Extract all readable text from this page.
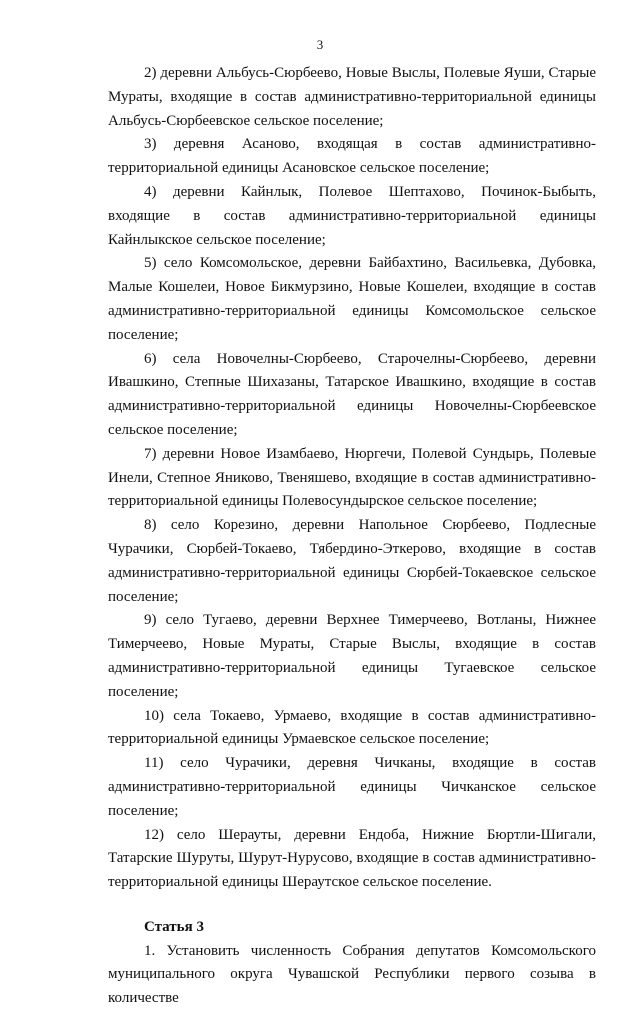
3

2) деревни Альбусь-Сюрбеево, Новые Выслы, Полевые Яуши, Старые Мураты, входящие в состав административно-территориальной единицы Альбусь-Сюрбеевское сельское поселение;

3) деревня Асаново, входящая в состав административно-территориальной единицы Асановское сельское поселение;

4) деревни Кайнлык, Полевое Шептахово, Починок-Быбыть, входящие в состав административно-территориальной единицы Кайнлыкское сельское поселение;

5) село Комсомольское, деревни Байбахтино, Васильевка, Дубовка, Малые Кошелеи, Новое Бикмурзино, Новые Кошелеи, входящие в состав административно-территориальной единицы Комсомольское сельское поселение;

6) села Новочелны-Сюрбеево, Старочелны-Сюрбеево, деревни Ивашкино, Степные Шихазаны, Татарское Ивашкино, входящие в состав административно-территориальной единицы Новочелны-Сюрбеевское сельское поселение;

7) деревни Новое Изамбаево, Нюргечи, Полевой Сундырь, Полевые Инели, Степное Яниково, Твеняшево, входящие в состав административно-территориальной единицы Полевосундырское сельское поселение;

8) село Корезино, деревни Напольное Сюрбеево, Подлесные Чурачики, Сюрбей-Токаево, Тябердино-Эткерово, входящие в состав административно-территориальной единицы Сюрбей-Токаевское сельское поселение;

9) село Тугаево, деревни Верхнее Тимерчеево, Вотланы, Нижнее Тимерчеево, Новые Мураты, Старые Выслы, входящие в состав административно-территориальной единицы Тугаевское сельское поселение;

10) села Токаево, Урмаево, входящие в состав административно-территориальной единицы Урмаевское сельское поселение;

11) село Чурачики, деревня Чичканы, входящие в состав административно-территориальной единицы Чичканское сельское поселение;

12) село Шерауты, деревни Ендоба, Нижние Бюртли-Шигали, Татарские Шуруты, Шурут-Нурусово, входящие в состав административно-территориальной единицы Шераутское сельское поселение.

Статья 3

1. Установить численность Собрания депутатов Комсомольского муниципального округа Чувашской Республики первого созыва в количестве
